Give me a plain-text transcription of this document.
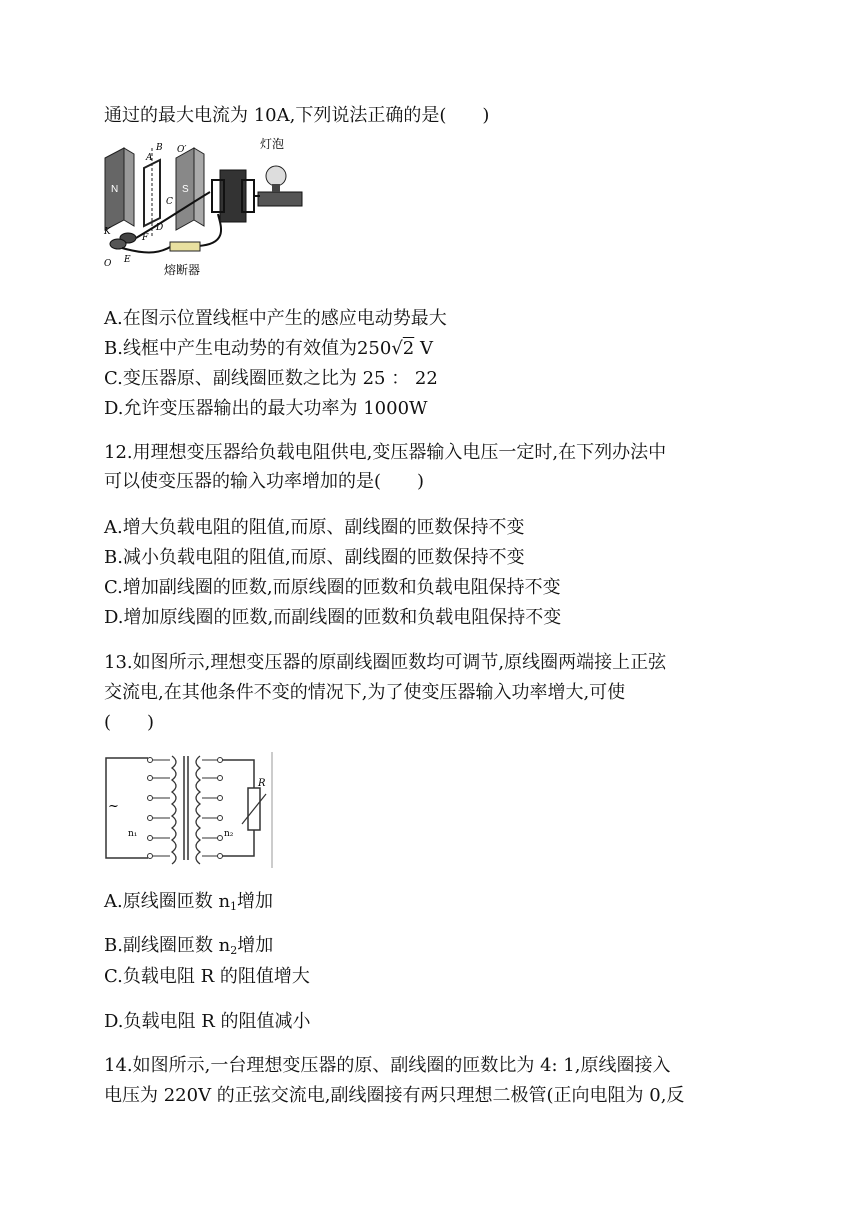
通过的最大电流为 10A,下列说法正确的是(　　)
N	S
A
B O′
C
D
K
F
O E
熔断器
灯泡
A.在图示位置线框中产生的感应电动势最大
B.线框中产生电动势的有效值为250√2 V
C.变压器原、副线圈匝数之比为 25 ： 22
D.允许变压器输出的最大功率为 1000W
12.用理想变压器给负载电阻供电,变压器输入电压一定时,在下列办法中
可以使变压器的输入功率增加的是(　　)
A.增大负载电阻的阻值,而原、副线圈的匝数保持不变
B.减小负载电阻的阻值,而原、副线圈的匝数保持不变
C.增加副线圈的匝数,而原线圈的匝数和负载电阻保持不变
D.增加原线圈的匝数,而副线圈的匝数和负载电阻保持不变
13.如图所示,理想变压器的原副线圈匝数均可调节,原线圈两端接上正弦
交流电,在其他条件不变的情况下,为了使变压器输入功率增大,可使
(　　)
~
n₁	n₂
R
A.原线圈匝数 $n_1$增加
B.副线圈匝数 $n_2$增加
C.负载电阻 R 的阻值增大
D.负载电阻 R 的阻值减小
14.如图所示,一台理想变压器的原、副线圈的匝数比为 4: 1,原线圈接入
电压为 220V 的正弦交流电,副线圈接有两只理想二极管(正向电阻为 0,反
